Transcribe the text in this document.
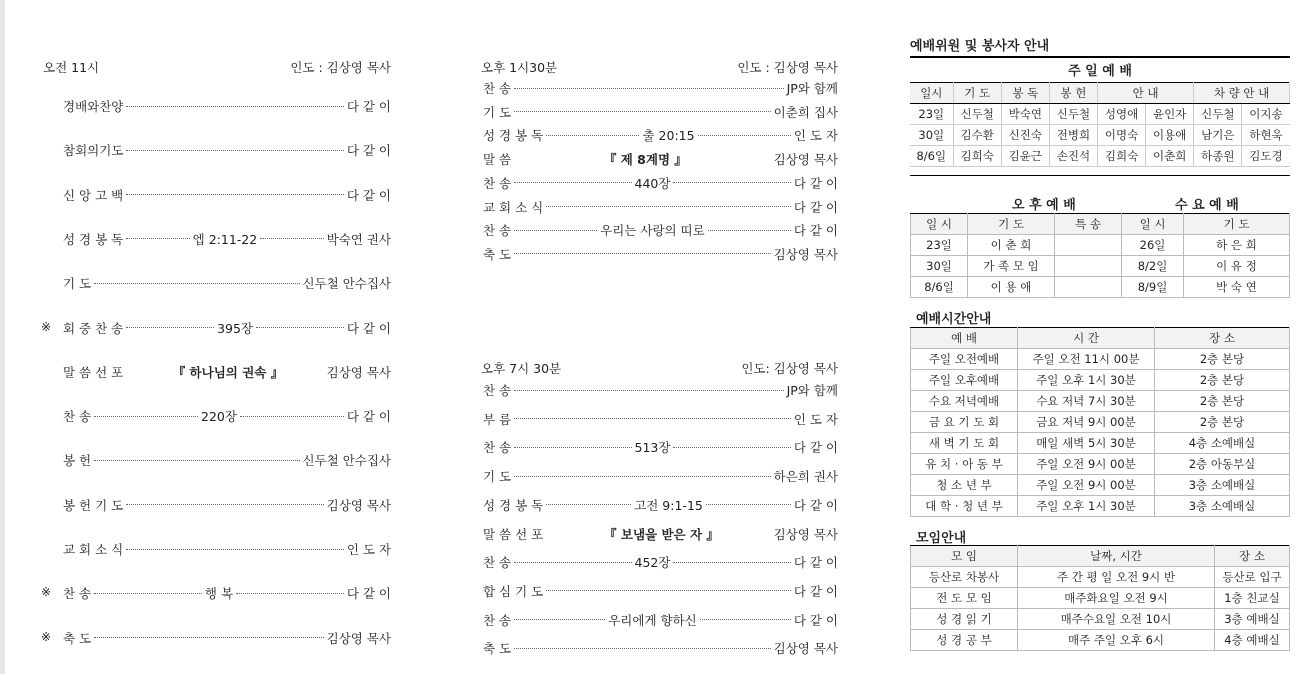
오전 11시	인도 : 김상영 목사
경배와찬양	다 같 이
참회의기도	다 같 이
신 앙 고 백	다 같 이
성 경 봉 독	엡 2:11-22	박숙연 권사
기 도	신두철 안수집사
※ 회 중 찬 송	395장	다 같 이
말 씀 선 포	『 하나님의 권속 』	김상영 목사
찬 송	220장	다 같 이
봉 헌	신두철 안수집사
봉 헌 기 도	김상영 목사
교 회 소 식	인 도 자
※ 찬 송	행 복	다 같 이
※ 축 도	김상영 목사
오후 1시30분	인도 : 김상영 목사
찬 송	JP와 함께
기 도	이춘희 집사
성 경 봉 독	출 20:15	인 도 자
말 씀	『 제 8계명 』	김상영 목사
찬 송	440장	다 같 이
교 회 소 식	다 같 이
찬 송	우리는 사랑의 띠로	다 같 이
축 도	김상영 목사
오후 7시 30분	인도: 김상영 목사
찬 송	JP와 함께
부 름	인 도 자
찬 송	513장	다 같 이
기 도	하은희 권사
성 경 봉 독	고전 9:1-15	다 같 이
말 씀 선 포	『 보냄을 받은 자 』	김상영 목사
찬 송	452장	다 같 이
합 심 기 도	다 같 이
찬 송	우리에게 향하신	다 같 이
축 도	김상영 목사
예배위원 및 봉사자 안내
주 일 예 배
일시	기 도	봉 독	봉 헌	안 내		차 량 안 내	
23일	신두철	박숙연	신두철	성영애	윤인자	신두철	이지송
30일	김수환	신진숙	전병희	이명숙	이용애	남기은	하현욱
8/6일	김희숙	김윤근	손진석	김희숙	이춘희	하종원	김도경
오 후 예 배	수 요 예 배
일 시	기 도	특 송	일 시	기 도
23일	이 춘 희		26일	하 은 희
30일	가 족 모 임		8/2일	이 유 정
8/6일	이 용 애		8/9일	박 숙 연
예배시간안내
예 배	시 간	장 소
주일 오전예배	주일 오전 11시 00분	2층 본당
주일 오후예배	주일 오후 1시 30분	2층 본당
수요 저녁예배	수요 저녁 7시 30분	2층 본당
금 요 기 도 회	금요 저녁 9시 00분	2층 본당
새 벽 기 도 회	매일 새벽 5시 30분	4층 소예배실
유 치 · 아 동 부	주일 오전 9시 00분	2층 아동부실
청 소 년 부	주일 오전 9시 00분	3층 소예배실
대 학 · 청 년 부	주일 오후 1시 30분	3층 소예배실
모임안내
모 임	날짜, 시간	장 소
등산로 차봉사	주 간 평 일 오전 9시 반	등산로 입구
전 도 모 임	매주화요일 오전 9시	1층 친교실
성 경 읽 기	매주수요일 오전 10시	3층 예배실
성 경 공 부	매주 주일 오후 6시	4층 예배실
